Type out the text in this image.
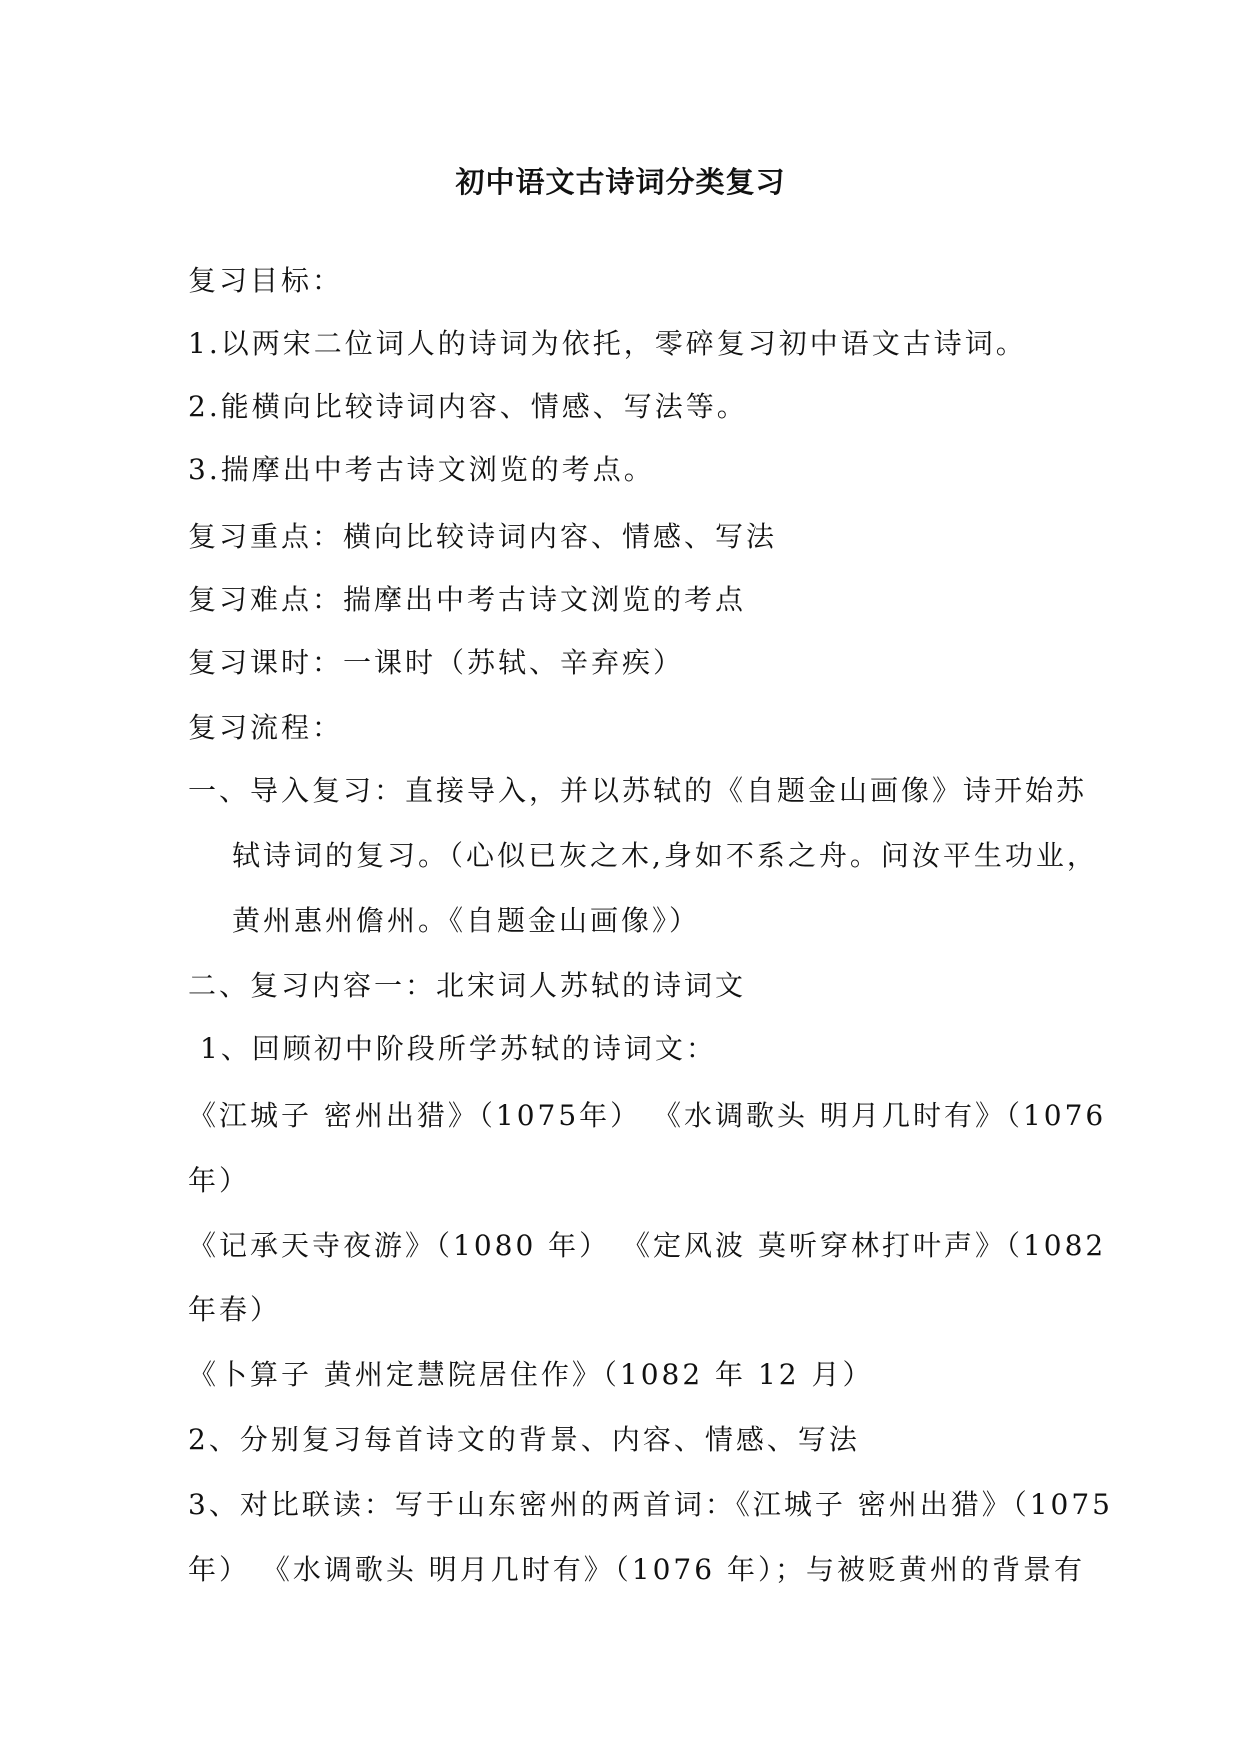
初中语文古诗词分类复习
复习目标：
1.以两宋二位词人的诗词为依托，零碎复习初中语文古诗词。
2.能横向比较诗词内容、情感、写法等。
3.揣摩出中考古诗文浏览的考点。
复习重点：横向比较诗词内容、情感、写法
复习难点：揣摩出中考古诗文浏览的考点
复习课时：一课时（苏轼、辛弃疾）
复习流程：
一、导入复习：直接导入，并以苏轼的《自题金山画像》诗开始苏
轼诗词的复习。（心似已灰之木,身如不系之舟。问汝平生功业，
黄州惠州儋州。《自题金山画像》）
二、复习内容一：北宋词人苏轼的诗词文
1、回顾初中阶段所学苏轼的诗词文：
《江城子 密州出猎》（1075年） 《水调歌头 明月几时有》（1076
年）
《记承天寺夜游》（1080 年） 《定风波 莫听穿林打叶声》（1082
年春）
《卜算子 黄州定慧院居住作》（1082 年 12 月）
2、分别复习每首诗文的背景、内容、情感、写法
3、对比联读：写于山东密州的两首词：《江城子 密州出猎》（1075
年） 《水调歌头 明月几时有》（1076 年）；与被贬黄州的背景有
